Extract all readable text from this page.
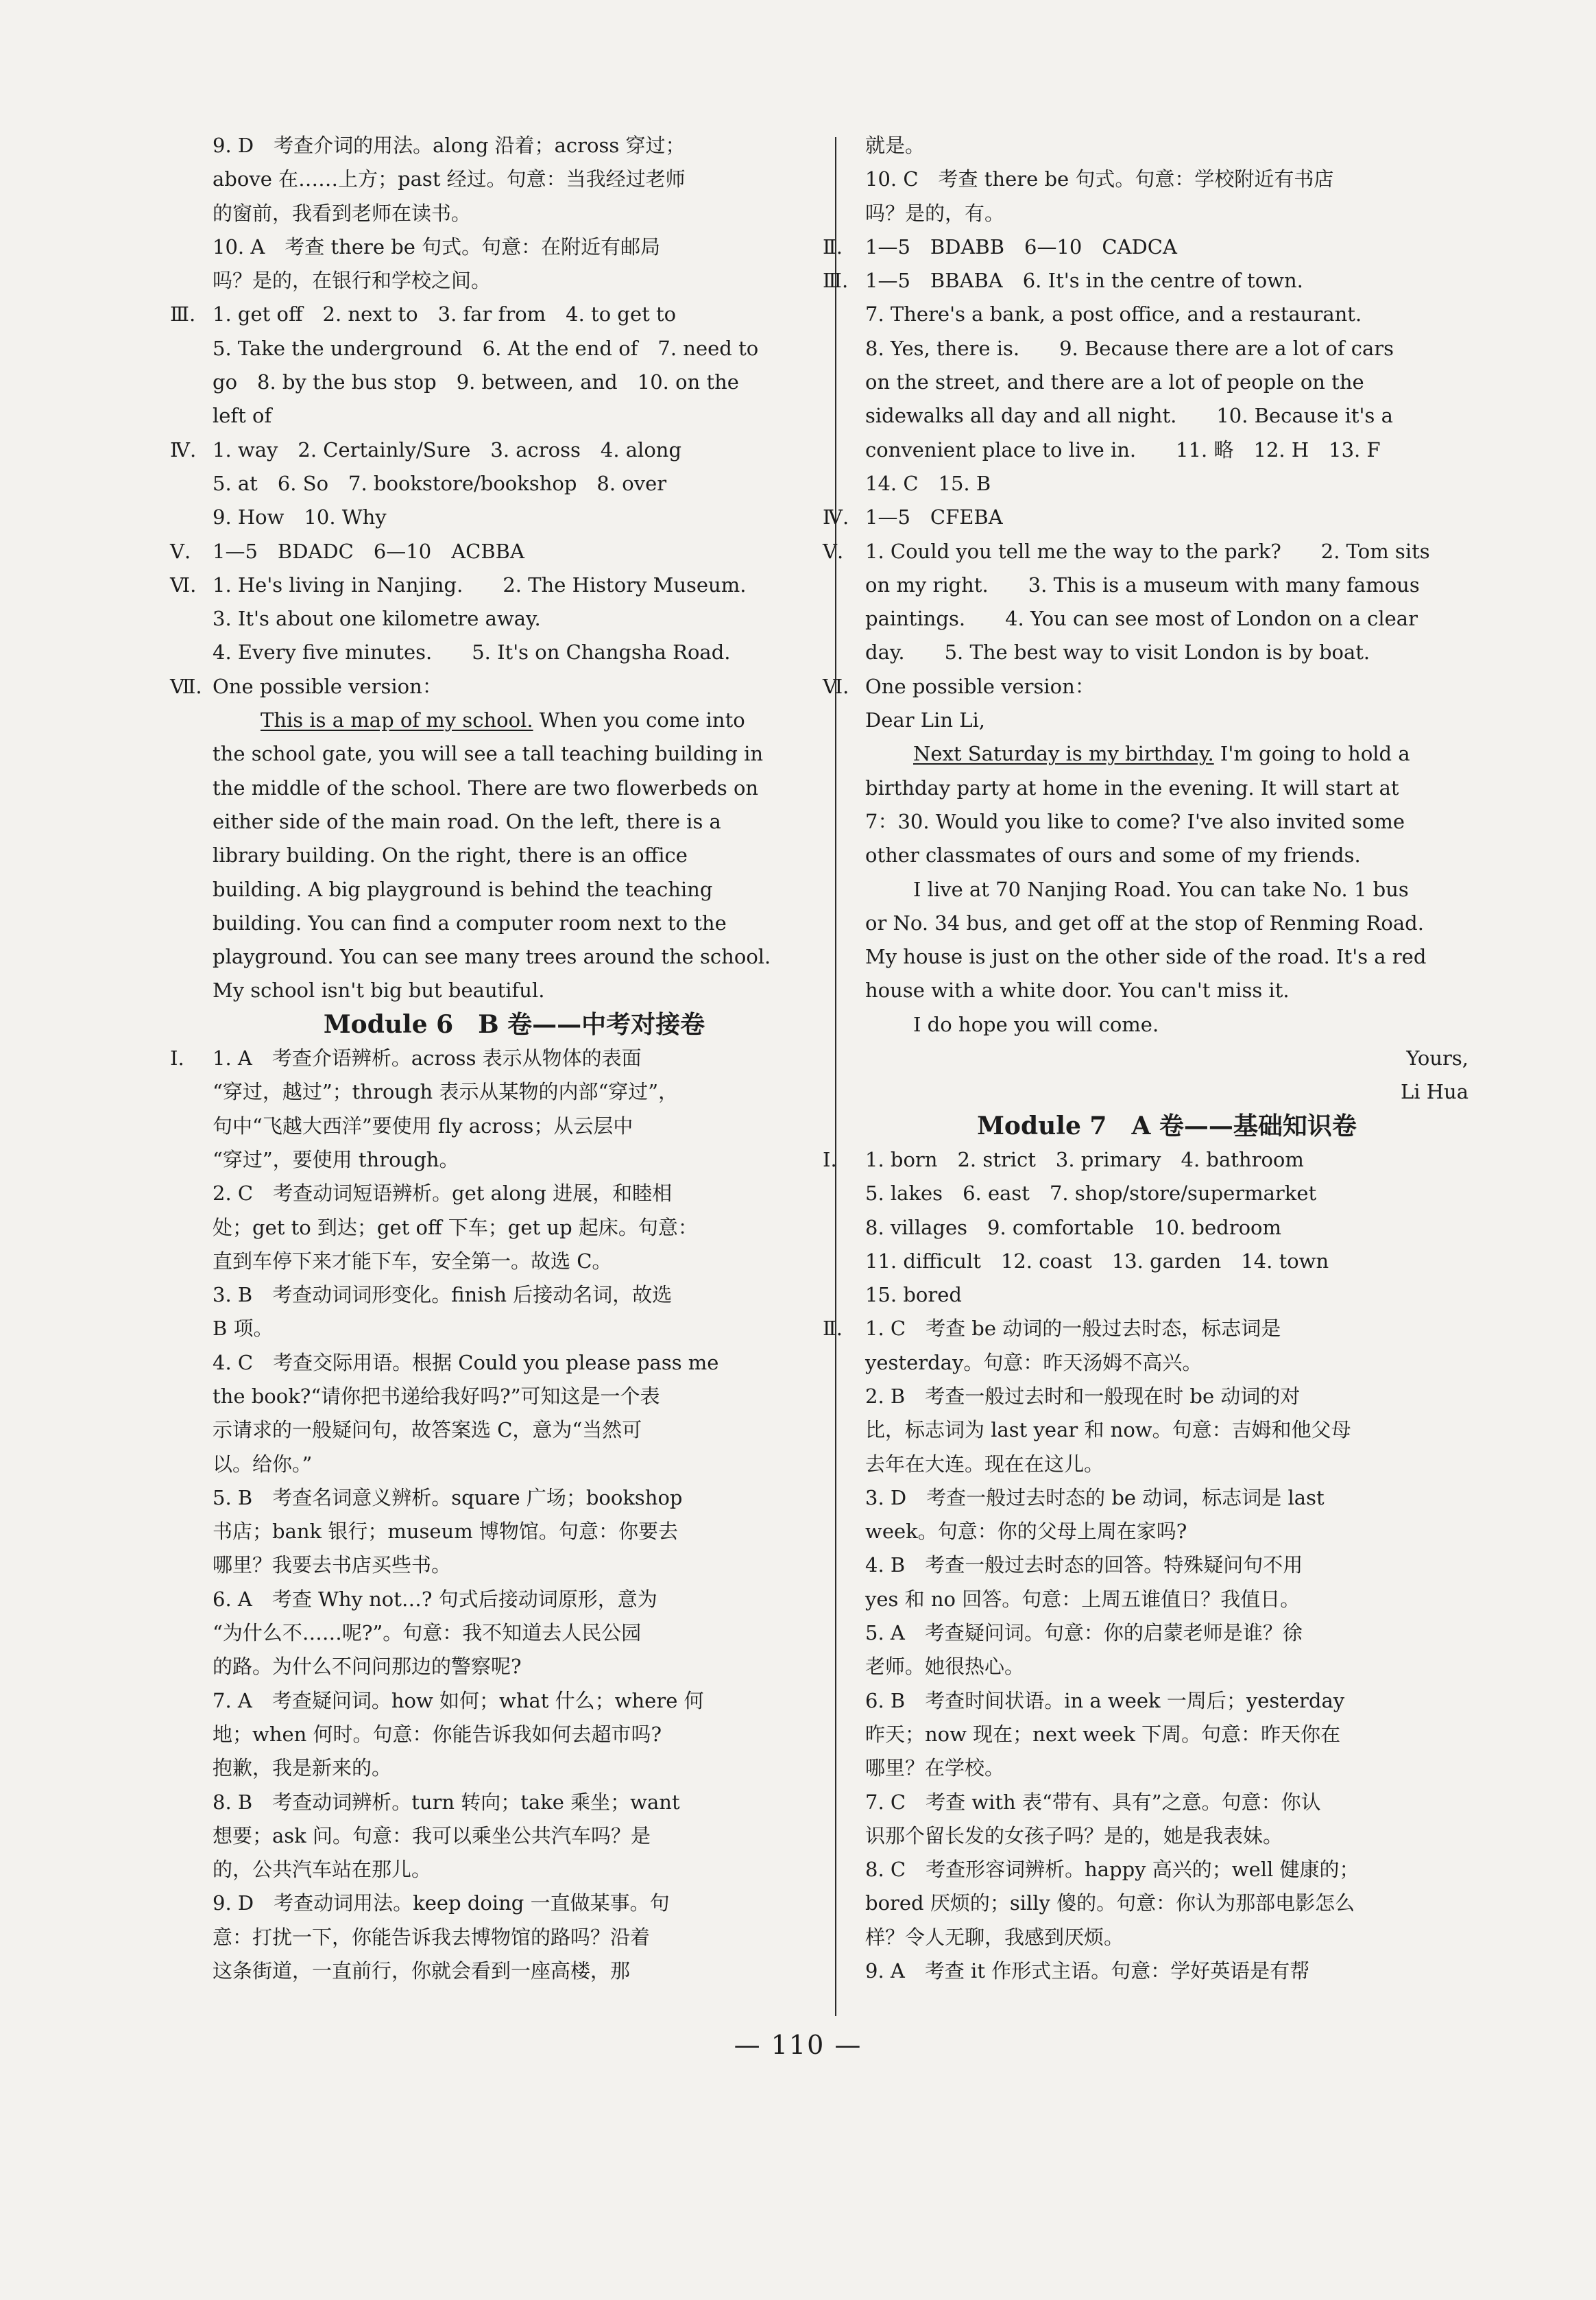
9. D　考查介词的用法。along 沿着；across 穿过；
above 在……上方；past 经过。句意：当我经过老师
的窗前，我看到老师在读书。
10. A　考查 there be 句式。句意：在附近有邮局
吗？是的，在银行和学校之间。
Ⅲ. 1. get off　2. next to　3. far from　4. to get to
5. Take the underground　6. At the end of　7. need to
go　8. by the bus stop　9. between, and　10. on the
left of
Ⅳ. 1. way　2. Certainly/Sure　3. across　4. along
5. at　6. So　7. bookstore/bookshop　8. over
9. How　10. Why
Ⅴ.	1—5　BDADC　6—10　ACBBA
Ⅵ. 1. He's living in Nanjing.　　2. The History Museum.
3. It's about one kilometre away.
4. Every five minutes.　　5. It's on Changsha Road.
Ⅶ. One possible version：
This is a map of my school. When you come into
the school gate, you will see a tall teaching building in
the middle of the school. There are two flowerbeds on
either side of the main road. On the left, there is a
library building. On the right, there is an office
building. A big playground is behind the teaching
building. You can find a computer room next to the
playground. You can see many trees around the school.
My school isn't big but beautiful.
Module 6　B 卷——中考对接卷
Ⅰ.	1. A　考查介语辨析。across 表示从物体的表面
“穿过，越过”；through 表示从某物的内部“穿过”，
句中“飞越大西洋”要使用 fly across；从云层中
“穿过”，要使用 through。
2. C　考查动词短语辨析。get along 进展，和睦相
处；get to 到达；get off 下车；get up 起床。句意：
直到车停下来才能下车，安全第一。故选 C。
3. B　考查动词词形变化。finish 后接动名词，故选
B 项。
4. C　考查交际用语。根据 Could you please pass me
the book?“请你把书递给我好吗?”可知这是一个表
示请求的一般疑问句，故答案选 C，意为“当然可
以。给你。”
5. B　考查名词意义辨析。square 广场；bookshop
书店；bank 银行；museum 博物馆。句意：你要去
哪里？我要去书店买些书。
6. A　考查 Why not…? 句式后接动词原形，意为
“为什么不……呢?”。句意：我不知道去人民公园
的路。为什么不问问那边的警察呢?
7. A　考查疑问词。how 如何；what 什么；where 何
地；when 何时。句意：你能告诉我如何去超市吗?
抱歉，我是新来的。
8. B　考查动词辨析。turn 转向；take 乘坐；want
想要；ask 问。句意：我可以乘坐公共汽车吗？是
的，公共汽车站在那儿。
9. D　考查动词用法。keep doing 一直做某事。句
意：打扰一下，你能告诉我去博物馆的路吗？沿着
这条街道，一直前行，你就会看到一座高楼，那
就是。
10. C　考查 there be 句式。句意：学校附近有书店
吗？是的，有。
Ⅱ.	1—5　BDABB　6—10　CADCA
Ⅲ. 1—5　BBABA　6. It's in the centre of town.
7. There's a bank, a post office, and a restaurant.
8. Yes, there is.　　9. Because there are a lot of cars
on the street, and there are a lot of people on the
sidewalks all day and all night.　　10. Because it's a
convenient place to live in.　　11. 略　12. H　13. F
14. C　15. B
Ⅳ. 1—5　CFEBA
Ⅴ.	1. Could you tell me the way to the park?　　2. Tom sits
on my right.　　3. This is a museum with many famous
paintings.　　4. You can see most of London on a clear
day.　　5. The best way to visit London is by boat.
Ⅵ. One possible version：
Dear Lin Li,
Next Saturday is my birthday. I'm going to hold a
birthday party at home in the evening. It will start at
7：30. Would you like to come? I've also invited some
other classmates of ours and some of my friends.
I live at 70 Nanjing Road. You can take No. 1 bus
or No. 34 bus, and get off at the stop of Renming Road.
My house is just on the other side of the road. It's a red
house with a white door. You can't miss it.
I do hope you will come.
Yours,
Li Hua
Module 7　A 卷——基础知识卷
Ⅰ.	1. born　2. strict　3. primary　4. bathroom
5. lakes　6. east　7. shop/store/supermarket
8. villages　9. comfortable　10. bedroom
11. difficult　12. coast　13. garden　14. town
15. bored
Ⅱ.	1. C　考查 be 动词的一般过去时态，标志词是
yesterday。句意：昨天汤姆不高兴。
2. B　考查一般过去时和一般现在时 be 动词的对
比，标志词为 last year 和 now。句意：吉姆和他父母
去年在大连。现在在这儿。
3. D　考查一般过去时态的 be 动词，标志词是 last
week。句意：你的父母上周在家吗?
4. B　考查一般过去时态的回答。特殊疑问句不用
yes 和 no 回答。句意：上周五谁值日？我值日。
5. A　考查疑问词。句意：你的启蒙老师是谁？徐
老师。她很热心。
6. B　考查时间状语。in a week 一周后；yesterday
昨天；now 现在；next week 下周。句意：昨天你在
哪里？在学校。
7. C　考查 with 表“带有、具有”之意。句意：你认
识那个留长发的女孩子吗？是的，她是我表妹。
8. C　考查形容词辨析。happy 高兴的；well 健康的；
bored 厌烦的；silly 傻的。句意：你认为那部电影怎么
样？令人无聊，我感到厌烦。
9. A　考查 it 作形式主语。句意：学好英语是有帮
— 110 —
